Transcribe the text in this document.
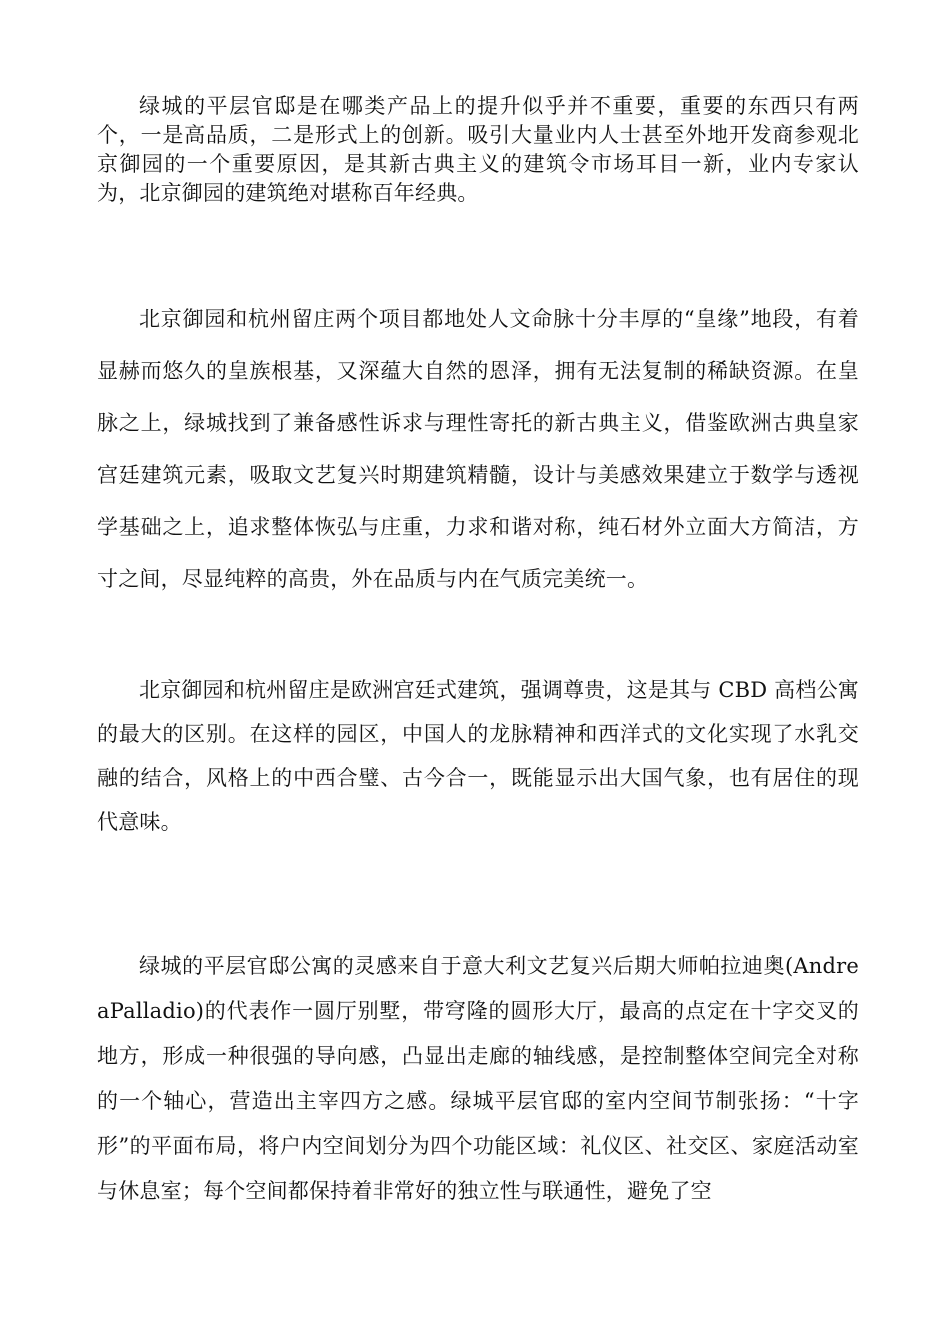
绿城的平层官邸是在哪类产品上的提升似乎并不重要，重要的东西只有两个，一是高品质，二是形式上的创新。吸引大量业内人士甚至外地开发商参观北京御园的一个重要原因，是其新古典主义的建筑令市场耳目一新，业内专家认为，北京御园的建筑绝对堪称百年经典。

北京御园和杭州留庄两个项目都地处人文命脉十分丰厚的“皇缘”地段，有着显赫而悠久的皇族根基，又深蕴大自然的恩泽，拥有无法复制的稀缺资源。在皇脉之上，绿城找到了兼备感性诉求与理性寄托的新古典主义，借鉴欧洲古典皇家宫廷建筑元素，吸取文艺复兴时期建筑精髓，设计与美感效果建立于数学与透视学基础之上，追求整体恢弘与庄重，力求和谐对称，纯石材外立面大方简洁，方寸之间，尽显纯粹的高贵，外在品质与内在气质完美统一。

北京御园和杭州留庄是欧洲宫廷式建筑，强调尊贵，这是其与 CBD 高档公寓的最大的区别。在这样的园区，中国人的龙脉精神和西洋式的文化实现了水乳交融的结合，风格上的中西合璧、古今合一，既能显示出大国气象，也有居住的现代意味。

绿城的平层官邸公寓的灵感来自于意大利文艺复兴后期大师帕拉迪奥(AndreaPalladio)的代表作一圆厅别墅，带穹隆的圆形大厅，最高的点定在十字交叉的地方，形成一种很强的导向感，凸显出走廊的轴线感，是控制整体空间完全对称的一个轴心，营造出主宰四方之感。绿城平层官邸的室内空间节制张扬：“十字形”的平面布局，将户内空间划分为四个功能区域：礼仪区、社交区、家庭活动室与休息室；每个空间都保持着非常好的独立性与联通性，避免了空
